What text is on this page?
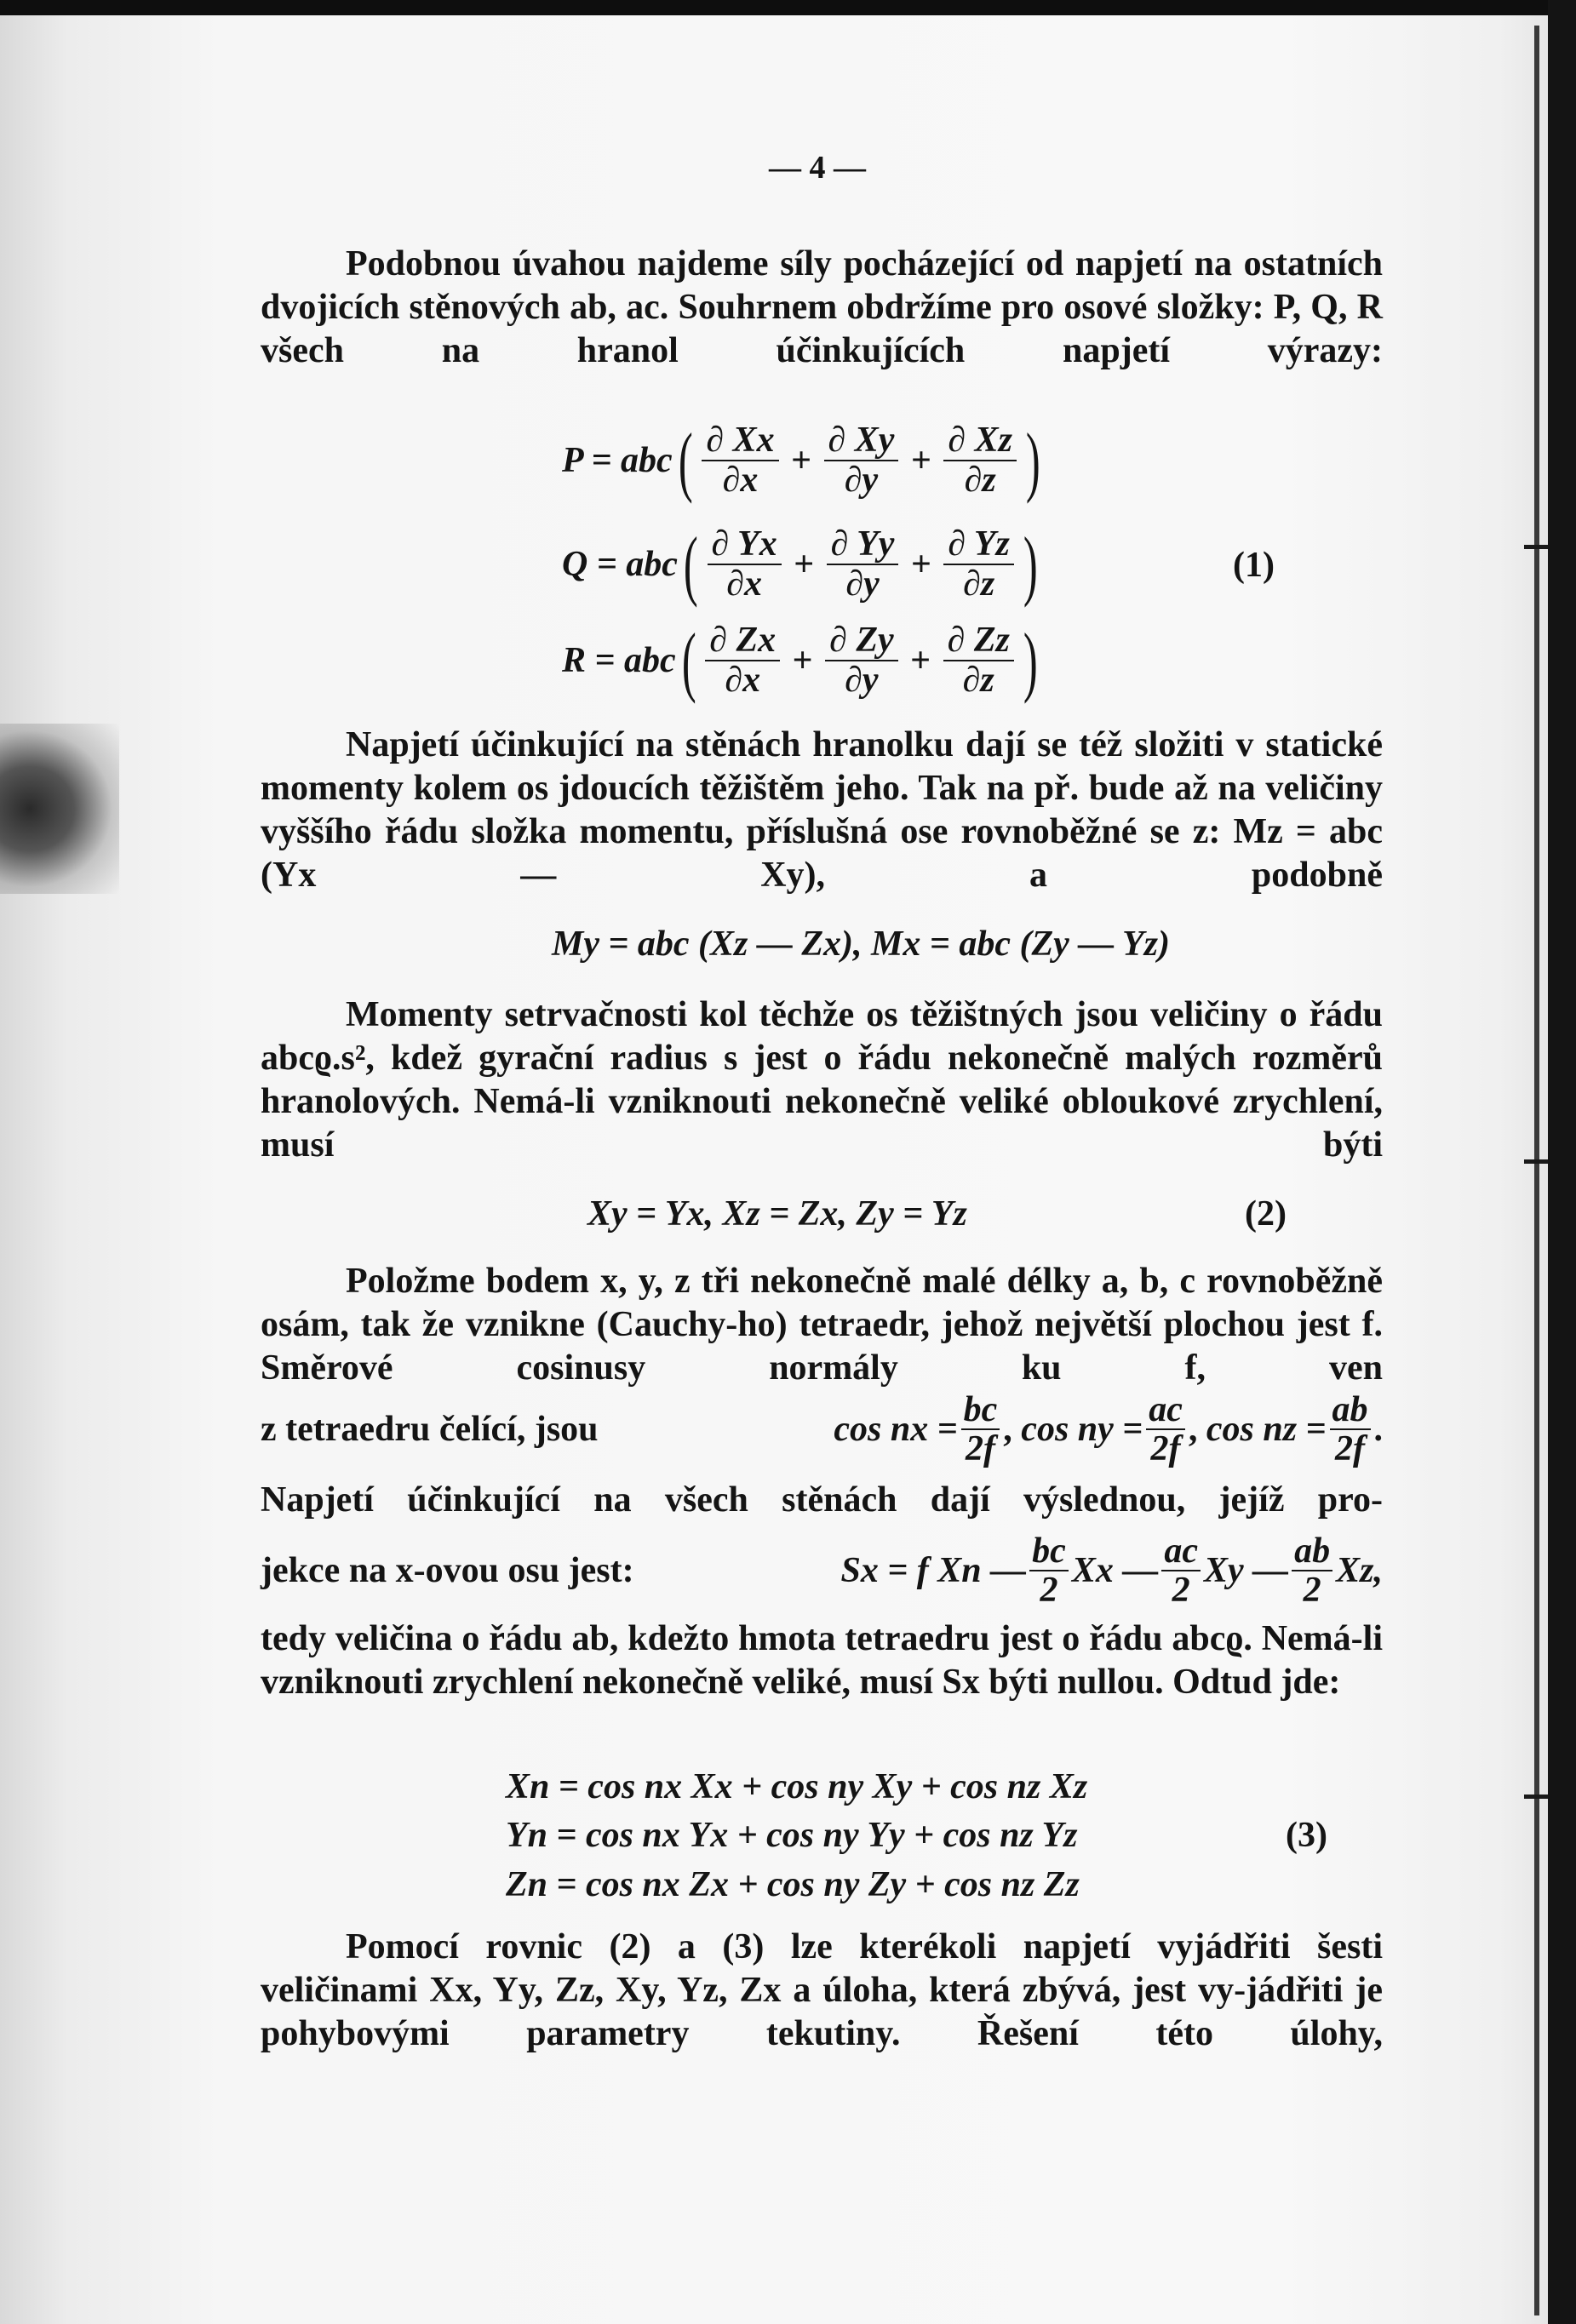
— 4 —

Podobnou úvahou najdeme síly pocházející od napjetí na ostatních dvojicích stěnových ab, ac. Souhrnem obdržíme pro osové složky: P, Q, R všech na hranol účinkujících napjetí výrazy:

P = abc ( $\frac{\partial Xx}{\partial x} + \frac{\partial Xy}{\partial y} + \frac{\partial Xz}{\partial z}$ )
Q = abc ( $\frac{\partial Yx}{\partial x} + \frac{\partial Yy}{\partial y} + \frac{\partial Yz}{\partial z}$ )
R = abc ( $\frac{\partial Zx}{\partial x} + \frac{\partial Zy}{\partial y} + \frac{\partial Zz}{\partial z}$ )
(1)

Napjetí účinkující na stěnách hranolku dají se též složiti v statické momenty kolem os jdoucích těžištěm jeho. Tak na př. bude až na veličiny vyššího řádu složka momentu, příslušná ose rovnoběžné se z: Mz = abc (Yx — Xy), a podobně

My = abc (Xz — Zx), Mx = abc (Zy — Yz)

Momenty setrvačnosti kol těchže os těžištných jsou veličiny o řádu abcϱ.s², kdež gyrační radius s jest o řádu nekonečně malých rozměrů hranolových. Nemá-li vzniknouti nekonečně veliké obloukové zrychlení, musí býti

Xy = Yx, Xz = Zx, Zy = Yz	(2)

Položme bodem x, y, z tři nekonečně malé délky a, b, c rovnoběžně osám, tak že vznikne (Cauchy-ho) tetraedr, jehož největší plochou jest f. Směrové cosinusy normály ku f, ven

z tetraedru čelící, jsou	cos nx = $\frac{bc}{2f}$ , cos ny = $\frac{ac}{2f}$ , cos nz = $\frac{ab}{2f}$ .

Napjetí účinkující na všech stěnách dají výslednou, jejíž pro-

jekce na x-ovou osu jest:	Sx = f Xn — $\frac{bc}{2}$ Xx — $\frac{ac}{2}$ Xy — $\frac{ab}{2} Xz$,

tedy veličina o řádu ab, kdežto hmota tetraedru jest o řádu abcϱ. Nemá-li vzniknouti zrychlení nekonečně veliké, musí Sx býti nullou. Odtud jde:

Xn = cos nx Xx + cos ny Xy + cos nz Xz
Yn = cos nx Yx + cos ny Yy + cos nz Yz
Zn = cos nx Zx + cos ny Zy + cos nz Zz
(3)

Pomocí rovnic (2) a (3) lze kterékoli napjetí vyjádřiti šesti veličinami Xx, Yy, Zz, Xy, Yz, Zx a úloha, která zbývá, jest vy-jádřiti je pohybovými parametry tekutiny. Řešení této úlohy,
